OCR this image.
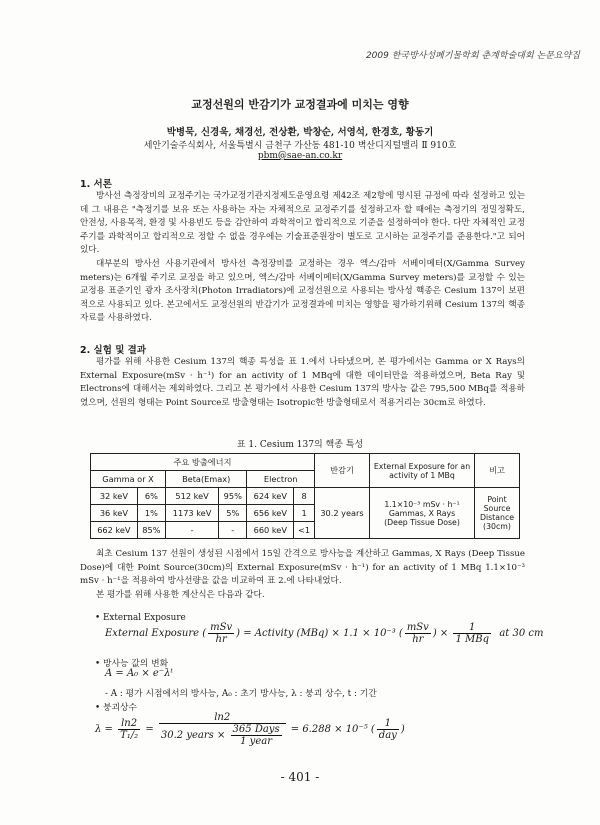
2009 한국방사성폐기물학회 춘계학술대회 논문요약집
교정선원의 반감기가 교정결과에 미치는 영향
박병묵, 신경욱, 채경선, 전상환, 박창순, 서영석, 한경호, 황동기
세안기술주식회사, 서울특별시 금천구 가산동 481-10 벽산디지털밸리 Ⅱ 910호
pbm@sae-an.co.kr
1. 서론

방사선 측정장비의 교정주기는 국가교정기관지정제도운영요령 제42조 제2항에 명시된 규정에 따라 설정하고 있는데 그 내용은 "측정기를 보유 또는 사용하는 자는 자체적으로 교정주기를 설정하고자 할 때에는 측정기의 정밀정확도, 안전성, 사용목적, 환경 및 사용빈도 등을 감안하여 과학적이고 합리적으로 기준을 설정하여야 한다. 다만 자체적인 교정주기를 과학적이고 합리적으로 정할 수 없을 경우에는 기술표준원장이 별도로 고시하는 교정주기를 준용한다."고 되어있다.

대부분의 방사선 사용기관에서 방사선 측정장비를 교정하는 경우 엑스/감마 서베이메터(X/Gamma Survey meters)는 6개월 주기로 교정을 하고 있으며, 엑스/감마 서베이메터(X/Gamma Survey meters)를 교정할 수 있는 교정용 표준기인 광자 조사장치(Photon Irradiators)에 교정선원으로 사용되는 방사성 핵종은 Cesium 137이 보편적으로 사용되고 있다. 본고에서도 교정선원의 반감기가 교정결과에 미치는 영향을 평가하기위해 Cesium 137의 핵종 자료를 사용하였다.

2. 실험 및 결과

평가를 위해 사용한 Cesium 137의 핵종 특성을 표 1.에서 나타냈으며, 본 평가에서는 Gamma or X Rays의 External Exposure(mSv · h⁻¹) for an activity of 1 MBq에 대한 데이터만을 적용하였으며, Beta Ray 및 Electrons에 대해서는 제외하였다. 그리고 본 평가에서 사용한 Cesium 137의 방사능 값은 795,500 MBq를 적용하였으며, 선원의 형태는 Point Source로 방출형태는 Isotropic한 방출형태로서 적용거리는 30cm로 하였다.

표 1. Cesium 137의 핵종 특성
주요 방출에너지						반감기	External Exposure for an activity of 1 MBq	비고
Gamma or X		Beta(Emax)		Electron				
32 keV	6%	512 keV	95%	624 keV	8	30.2 years	1.1×10⁻³ mSv · h⁻¹
Gammas, X Rays
(Deep Tissue Dose)	Point Source Distance (30cm)
36 keV	1%	1173 keV	5%	656 keV	1			
662 keV	85%	-	-	660 keV	<1			

최초 Cesium 137 선원이 생성된 시점에서 15일 간격으로 방사능을 계산하고 Gammas, X Rays (Deep Tissue Dose)에 대한 Point Source(30cm)의 External Exposure(mSv · h⁻¹) for an activity of 1 MBq 1.1×10⁻³ mSv · h⁻¹을 적용하여 방사선량을 값을 비교하여 표 2.에 나타내었다.

본 평가를 위해 사용한 계산식은 다음과 같다.

• External Exposure
External Exposure ( $\frac{\text{mSv}}{hr}$ ) = Activity (MBq) × 1.1 × 10⁻³ ( $\frac{\text{mSv}}{hr}$ ) × $\frac{1}{\text{1 MBq}}$ at 30 cm
• 방사능 값의 변화
A = A₀ × e⁻λᵗ
- A : 평가 시점에서의 방사능, A₀ : 초기 방사능, λ : 붕괴 상수, t : 기간
• 붕괴상수
$\lambda = \frac{\ln 2}{\text{T₁/₂}} = \frac{\ln 2}{30.2 years \times \frac{\text{365 Days}}{\text{1 year}}} = 6.288 \times 10^{-5}$ ( $\frac{1}{\text{day}}$ )
- 401 -
